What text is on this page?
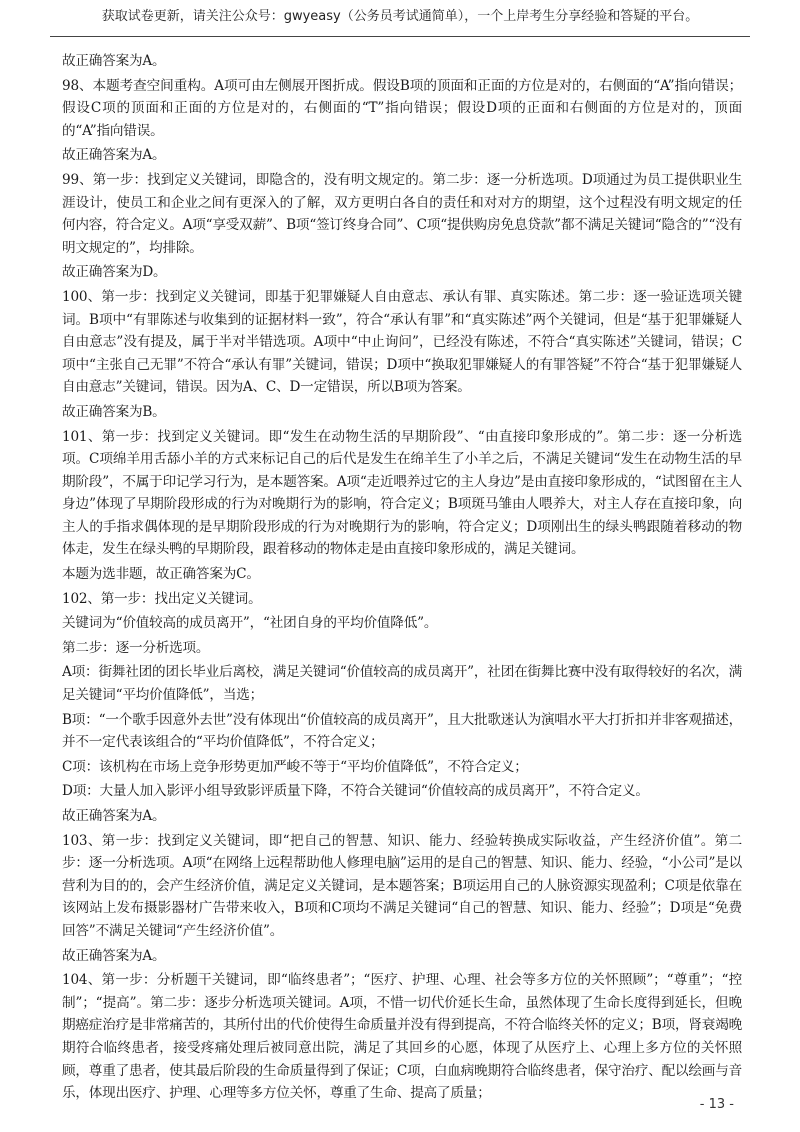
获取试卷更新，请关注公众号：gwyeasy（公务员考试通简单），一个上岸考生分享经验和答疑的平台。

故正确答案为A。

98、本题考查空间重构。A项可由左侧展开图折成。假设B项的顶面和正面的方位是对的，右侧面的“A”指向错误；假设C项的顶面和正面的方位是对的，右侧面的“T”指向错误；假设D项的正面和右侧面的方位是对的，顶面的“A”指向错误。

故正确答案为A。

99、第一步：找到定义关键词，即隐含的，没有明文规定的。第二步：逐一分析选项。D项通过为员工提供职业生涯设计，使员工和企业之间有更深入的了解，双方更明白各自的责任和对对方的期望，这个过程没有明文规定的任何内容，符合定义。A项“享受双薪”、B项“签订终身合同”、C项“提供购房免息贷款”都不满足关键词“隐含的”“没有明文规定的”，均排除。

故正确答案为D。

100、第一步：找到定义关键词，即基于犯罪嫌疑人自由意志、承认有罪、真实陈述。第二步：逐一验证选项关键词。B项中“有罪陈述与收集到的证据材料一致”，符合“承认有罪”和“真实陈述”两个关键词，但是“基于犯罪嫌疑人自由意志”没有提及，属于半对半错选项。A项中“中止询问”，已经没有陈述，不符合“真实陈述”关键词，错误；C项中“主张自己无罪”不符合“承认有罪”关键词，错误；D项中“换取犯罪嫌疑人的有罪答疑”不符合“基于犯罪嫌疑人自由意志”关键词，错误。因为A、C、D一定错误，所以B项为答案。

故正确答案为B。

101、第一步：找到定义关键词。即“发生在动物生活的早期阶段”、“由直接印象形成的”。第二步：逐一分析选项。C项绵羊用舌舔小羊的方式来标记自己的后代是发生在绵羊生了小羊之后，不满足关键词“发生在动物生活的早期阶段”，不属于印记学习行为，是本题答案。A项“走近喂养过它的主人身边”是由直接印象形成的，“试图留在主人身边”体现了早期阶段形成的行为对晚期行为的影响，符合定义；B项斑马雏由人喂养大，对主人存在直接印象，向主人的手指求偶体现的是早期阶段形成的行为对晚期行为的影响，符合定义；D项刚出生的绿头鸭跟随着移动的物体走，发生在绿头鸭的早期阶段，跟着移动的物体走是由直接印象形成的，满足关键词。

本题为选非题，故正确答案为C。

102、第一步：找出定义关键词。

关键词为“价值较高的成员离开”，“社团自身的平均价值降低”。

第二步：逐一分析选项。

A项：街舞社团的团长毕业后离校，满足关键词“价值较高的成员离开”，社团在街舞比赛中没有取得较好的名次，满足关键词“平均价值降低”，当选；

B项：“一个歌手因意外去世”没有体现出“价值较高的成员离开”，且大批歌迷认为演唱水平大打折扣并非客观描述，并不一定代表该组合的“平均价值降低”，不符合定义；

C项：该机构在市场上竞争形势更加严峻不等于“平均价值降低”，不符合定义；

D项：大量人加入影评小组导致影评质量下降，不符合关键词“价值较高的成员离开”，不符合定义。

故正确答案为A。

103、第一步：找到定义关键词，即“把自己的智慧、知识、能力、经验转换成实际收益，产生经济价值”。第二步：逐一分析选项。A项“在网络上远程帮助他人修理电脑”运用的是自己的智慧、知识、能力、经验，“小公司”是以营利为目的的，会产生经济价值，满足定义关键词，是本题答案；B项运用自己的人脉资源实现盈利；C项是依靠在该网站上发布摄影器材广告带来收入，B项和C项均不满足关键词“自己的智慧、知识、能力、经验”；D项是“免费回答”不满足关键词“产生经济价值”。

故正确答案为A。

104、第一步：分析题干关键词，即“临终患者”；“医疗、护理、心理、社会等多方位的关怀照顾”；“尊重”；“控制”；“提高”。第二步：逐步分析选项关键词。A项，不惜一切代价延长生命，虽然体现了生命长度得到延长，但晚期癌症治疗是非常痛苦的，其所付出的代价使得生命质量并没有得到提高，不符合临终关怀的定义；B项，肾衰竭晚期符合临终患者，接受疼痛处理后被同意出院，满足了其回乡的心愿，体现了从医疗上、心理上多方位的关怀照顾，尊重了患者，使其最后阶段的生命质量得到了保证；C项，白血病晚期符合临终患者，保守治疗、配以绘画与音乐，体现出医疗、护理、心理等多方位关怀，尊重了生命、提高了质量；

- 13 -
